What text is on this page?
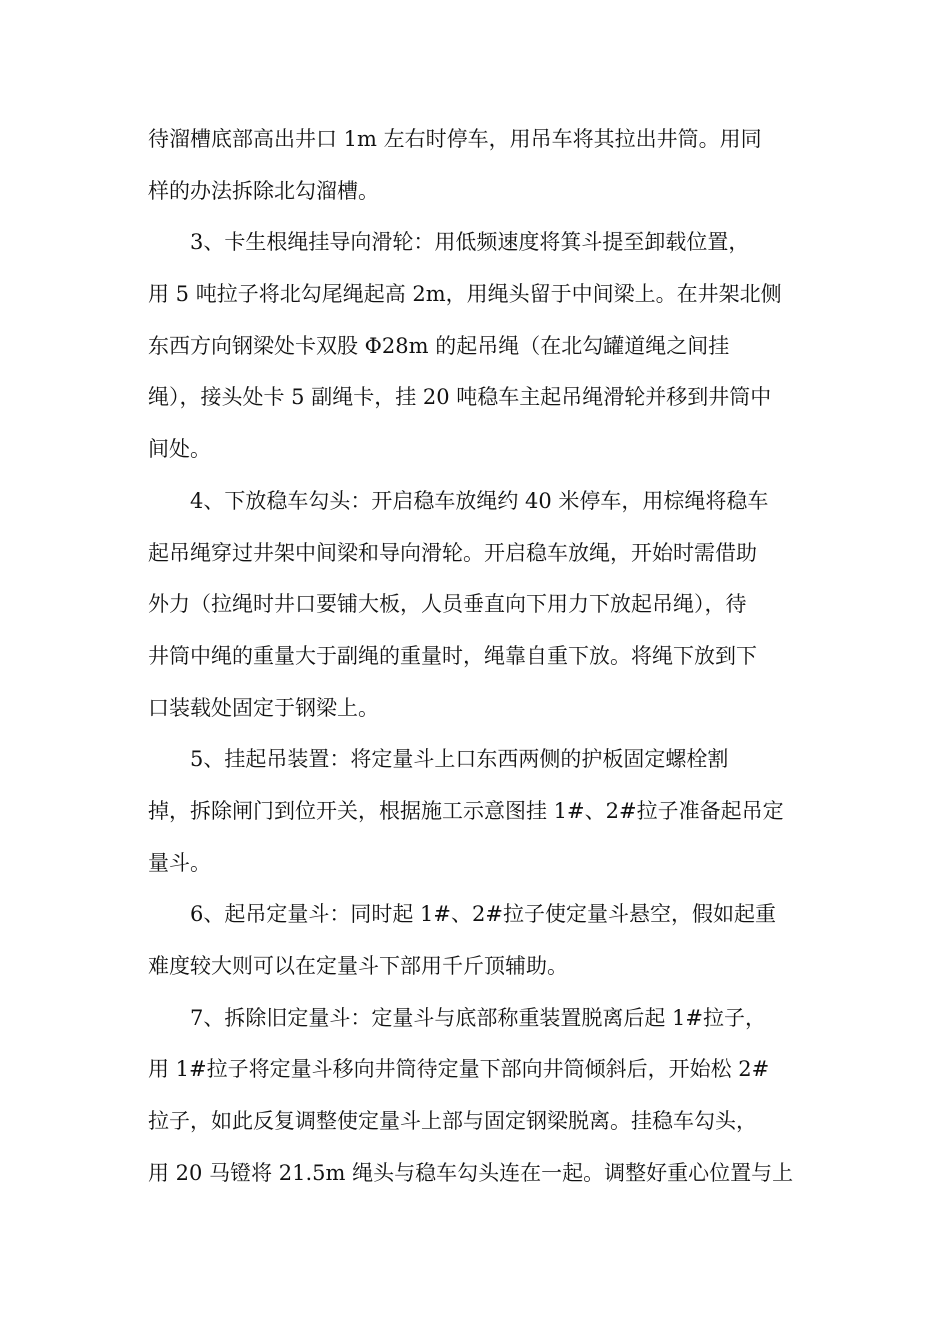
待溜槽底部高出井口 1m 左右时停车，用吊车将其拉出井筒。用同
样的办法拆除北勾溜槽。
3、卡生根绳挂导向滑轮：用低频速度将箕斗提至卸载位置，
用 5 吨拉子将北勾尾绳起高 2m，用绳头留于中间梁上。在井架北侧
东西方向钢梁处卡双股 Φ28m 的起吊绳（在北勾罐道绳之间挂
绳），接头处卡 5 副绳卡，挂 20 吨稳车主起吊绳滑轮并移到井筒中
间处。
4、下放稳车勾头：开启稳车放绳约 40 米停车，用棕绳将稳车
起吊绳穿过井架中间梁和导向滑轮。开启稳车放绳，开始时需借助
外力（拉绳时井口要铺大板，人员垂直向下用力下放起吊绳），待
井筒中绳的重量大于副绳的重量时，绳靠自重下放。将绳下放到下
口装载处固定于钢梁上。
5、挂起吊装置：将定量斗上口东西两侧的护板固定螺栓割
掉，拆除闸门到位开关，根据施工示意图挂 1#、2#拉子准备起吊定
量斗。
6、起吊定量斗：同时起 1#、2#拉子使定量斗悬空，假如起重
难度较大则可以在定量斗下部用千斤顶辅助。
7、拆除旧定量斗：定量斗与底部称重装置脱离后起 1#拉子，
用 1#拉子将定量斗移向井筒待定量下部向井筒倾斜后，开始松 2#
拉子，如此反复调整使定量斗上部与固定钢梁脱离。挂稳车勾头，
用 20 马镫将 21.5m 绳头与稳车勾头连在一起。调整好重心位置与上
